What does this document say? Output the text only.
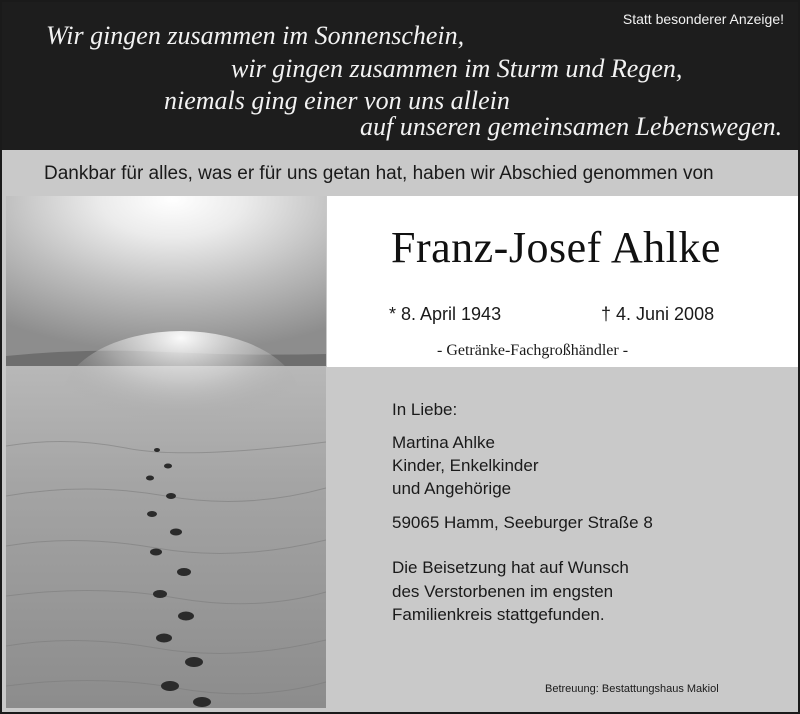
Wir gingen zusammen im Sonnenschein,
wir gingen zusammen im Sturm und Regen,
niemals ging einer von uns allein
auf unseren gemeinsamen Lebenswegen.
Statt besonderer Anzeige!
Dankbar für alles, was er für uns getan hat, haben wir Abschied genommen von
Franz-Josef Ahlke
* 8. April 1943	† 4. Juni 2008
- Getränke-Fachgroßhändler -
In Liebe:
Martina Ahlke
Kinder, Enkelkinder
und Angehörige
59065 Hamm, Seeburger Straße 8
Die Beisetzung hat auf Wunsch
des Verstorbenen im engsten
Familienkreis stattgefunden.
Betreuung: Bestattungshaus Makiol
